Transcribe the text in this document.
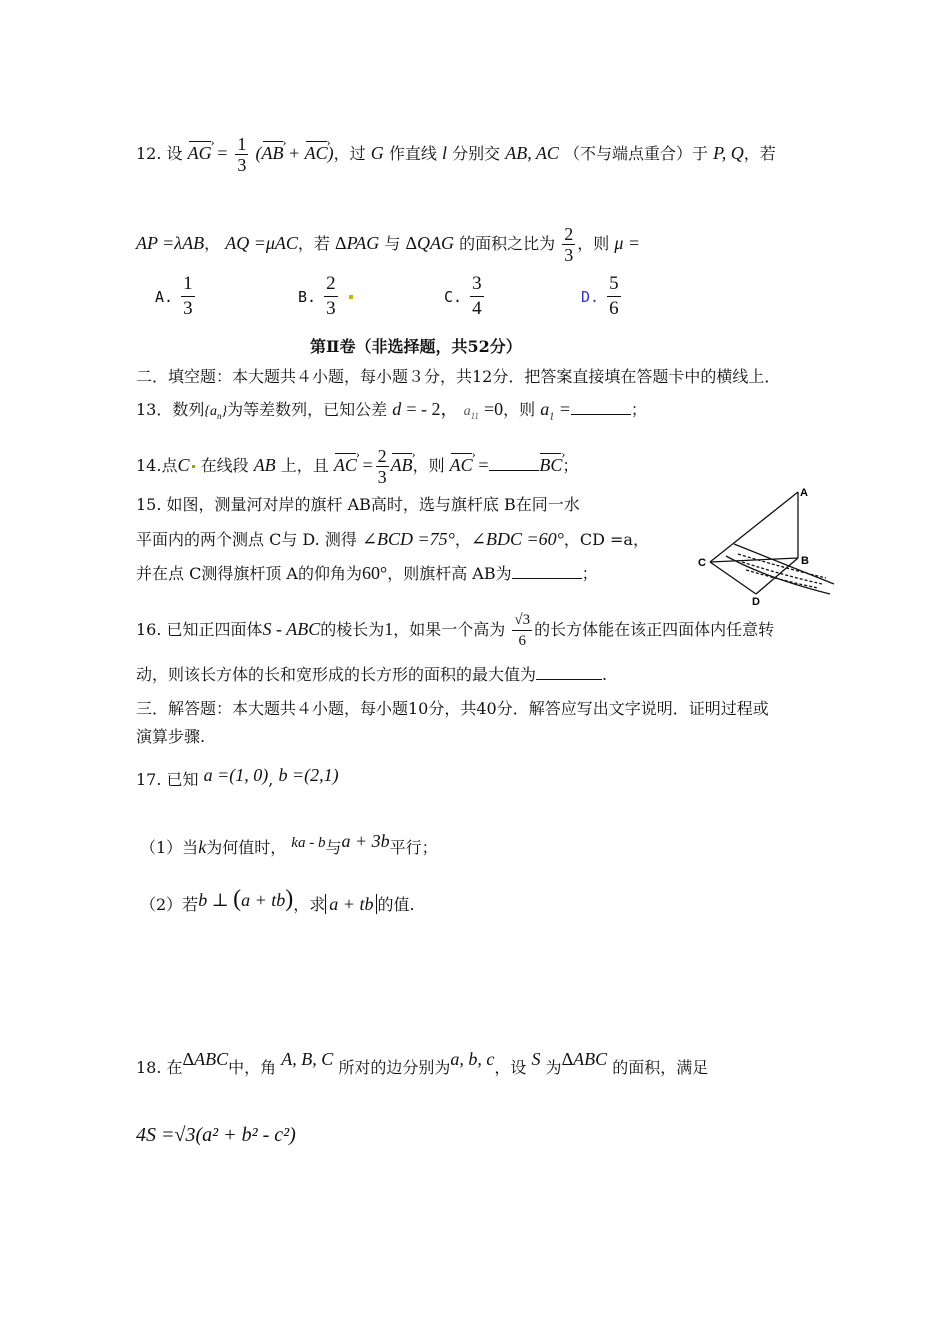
12. 设 AG › = $\frac{1}{3} (AB$ › + AC ›)，过 G 作直线 l 分别交 AB, AC （不与端点重合）于 P, Q，若
AP =λAB， AQ =μAC，若 ΔPAG 与 ΔQAG 的面积之比为 $\frac{2}{3}$ ，则 μ =
A. $\frac{1}{3}$	B. $\frac{2}{3}$	C. $\frac{3}{4}$	D. $\frac{5}{6}$
第Ⅱ卷（非选择题，共52分）
二．填空题：本大题共４小题，每小题３分，共12分．把答案直接填在答题卡中的横线上．
13．数列$\{a_n\}$为等差数列，已知公差 d = - 2， $a_{11} =0$，则 $a_1$ =	；
14.点C 在线段 AB 上，且 AC › = $\frac{2}{3}$ AB ›，则 AC › =	BC ›；
15. 如图，测量河对岸的旗杆 AB高时，选与旗杆底 B在同一水
平面内的两个测点 C与 D. 测得 ∠BCD =75°，∠BDC =60°，CD =a，
并在点 C测得旗杆顶 A的仰角为60°，则旗杆高 AB为	；
A
B
C
D
16. 已知正四面体S - ABC的棱长为1，如果一个高为 $\frac{√3}{6}$ 的长方体能在该正四面体内任意转
动，则该长方体的长和宽形成的长方形的面积的最大值为	.
三．解答题：本大题共４小题，每小题10分，共40分．解答应写出文字说明．证明过程或
演算步骤.
17. 已知 a =(1, 0), b =(2,1)
（1）当k为何值时， ka - b与a + 3b平行；
（2）若b ⊥ (a + tb)，求 a + tb 的值.
18. 在ΔABC中，角 A, B, C 所对的边分别为a, b, c，设 S 为ΔABC 的面积，满足
4S =√3(a² + b² - c²)
